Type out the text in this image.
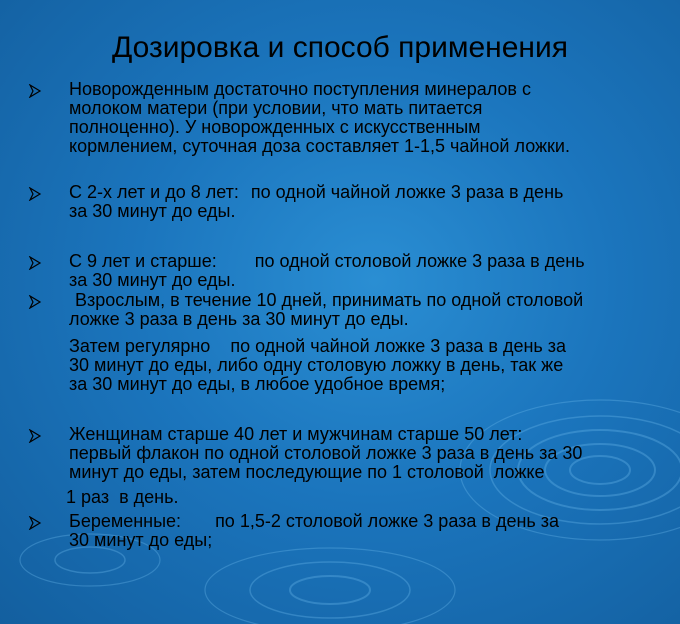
Дозировка и способ применения
Новорожденным достаточно поступления минералов с
молоком матери (при условии, что мать питается
полноценно). У новорожденных с искусственным
кормлением, суточная доза составляет 1-1,5 чайной ложки.
С 2-х лет и до 8 лет: по одной чайной ложке 3 раза в день
за 30 минут до еды.
С 9 лет и старше: по одной столовой ложке 3 раза в день
за 30 минут до еды.
Взрослым, в течение 10 дней, принимать по одной столовой
ложке 3 раза в день за 30 минут до еды.
Затем регулярно    по одной чайной ложке 3 раза в день за
30 минут до еды, либо одну столовую ложку в день, так же
за 30 минут до еды, в любое удобное время;
Женщинам старше 40 лет и мужчинам старше 50 лет:
первый флакон по одной столовой ложке 3 раза в день за 30
минут до еды, затем последующие по 1 столовой  ложке
1 раз  в день.
Беременные: по 1,5-2 столовой ложке 3 раза в день за
30 минут до еды;
